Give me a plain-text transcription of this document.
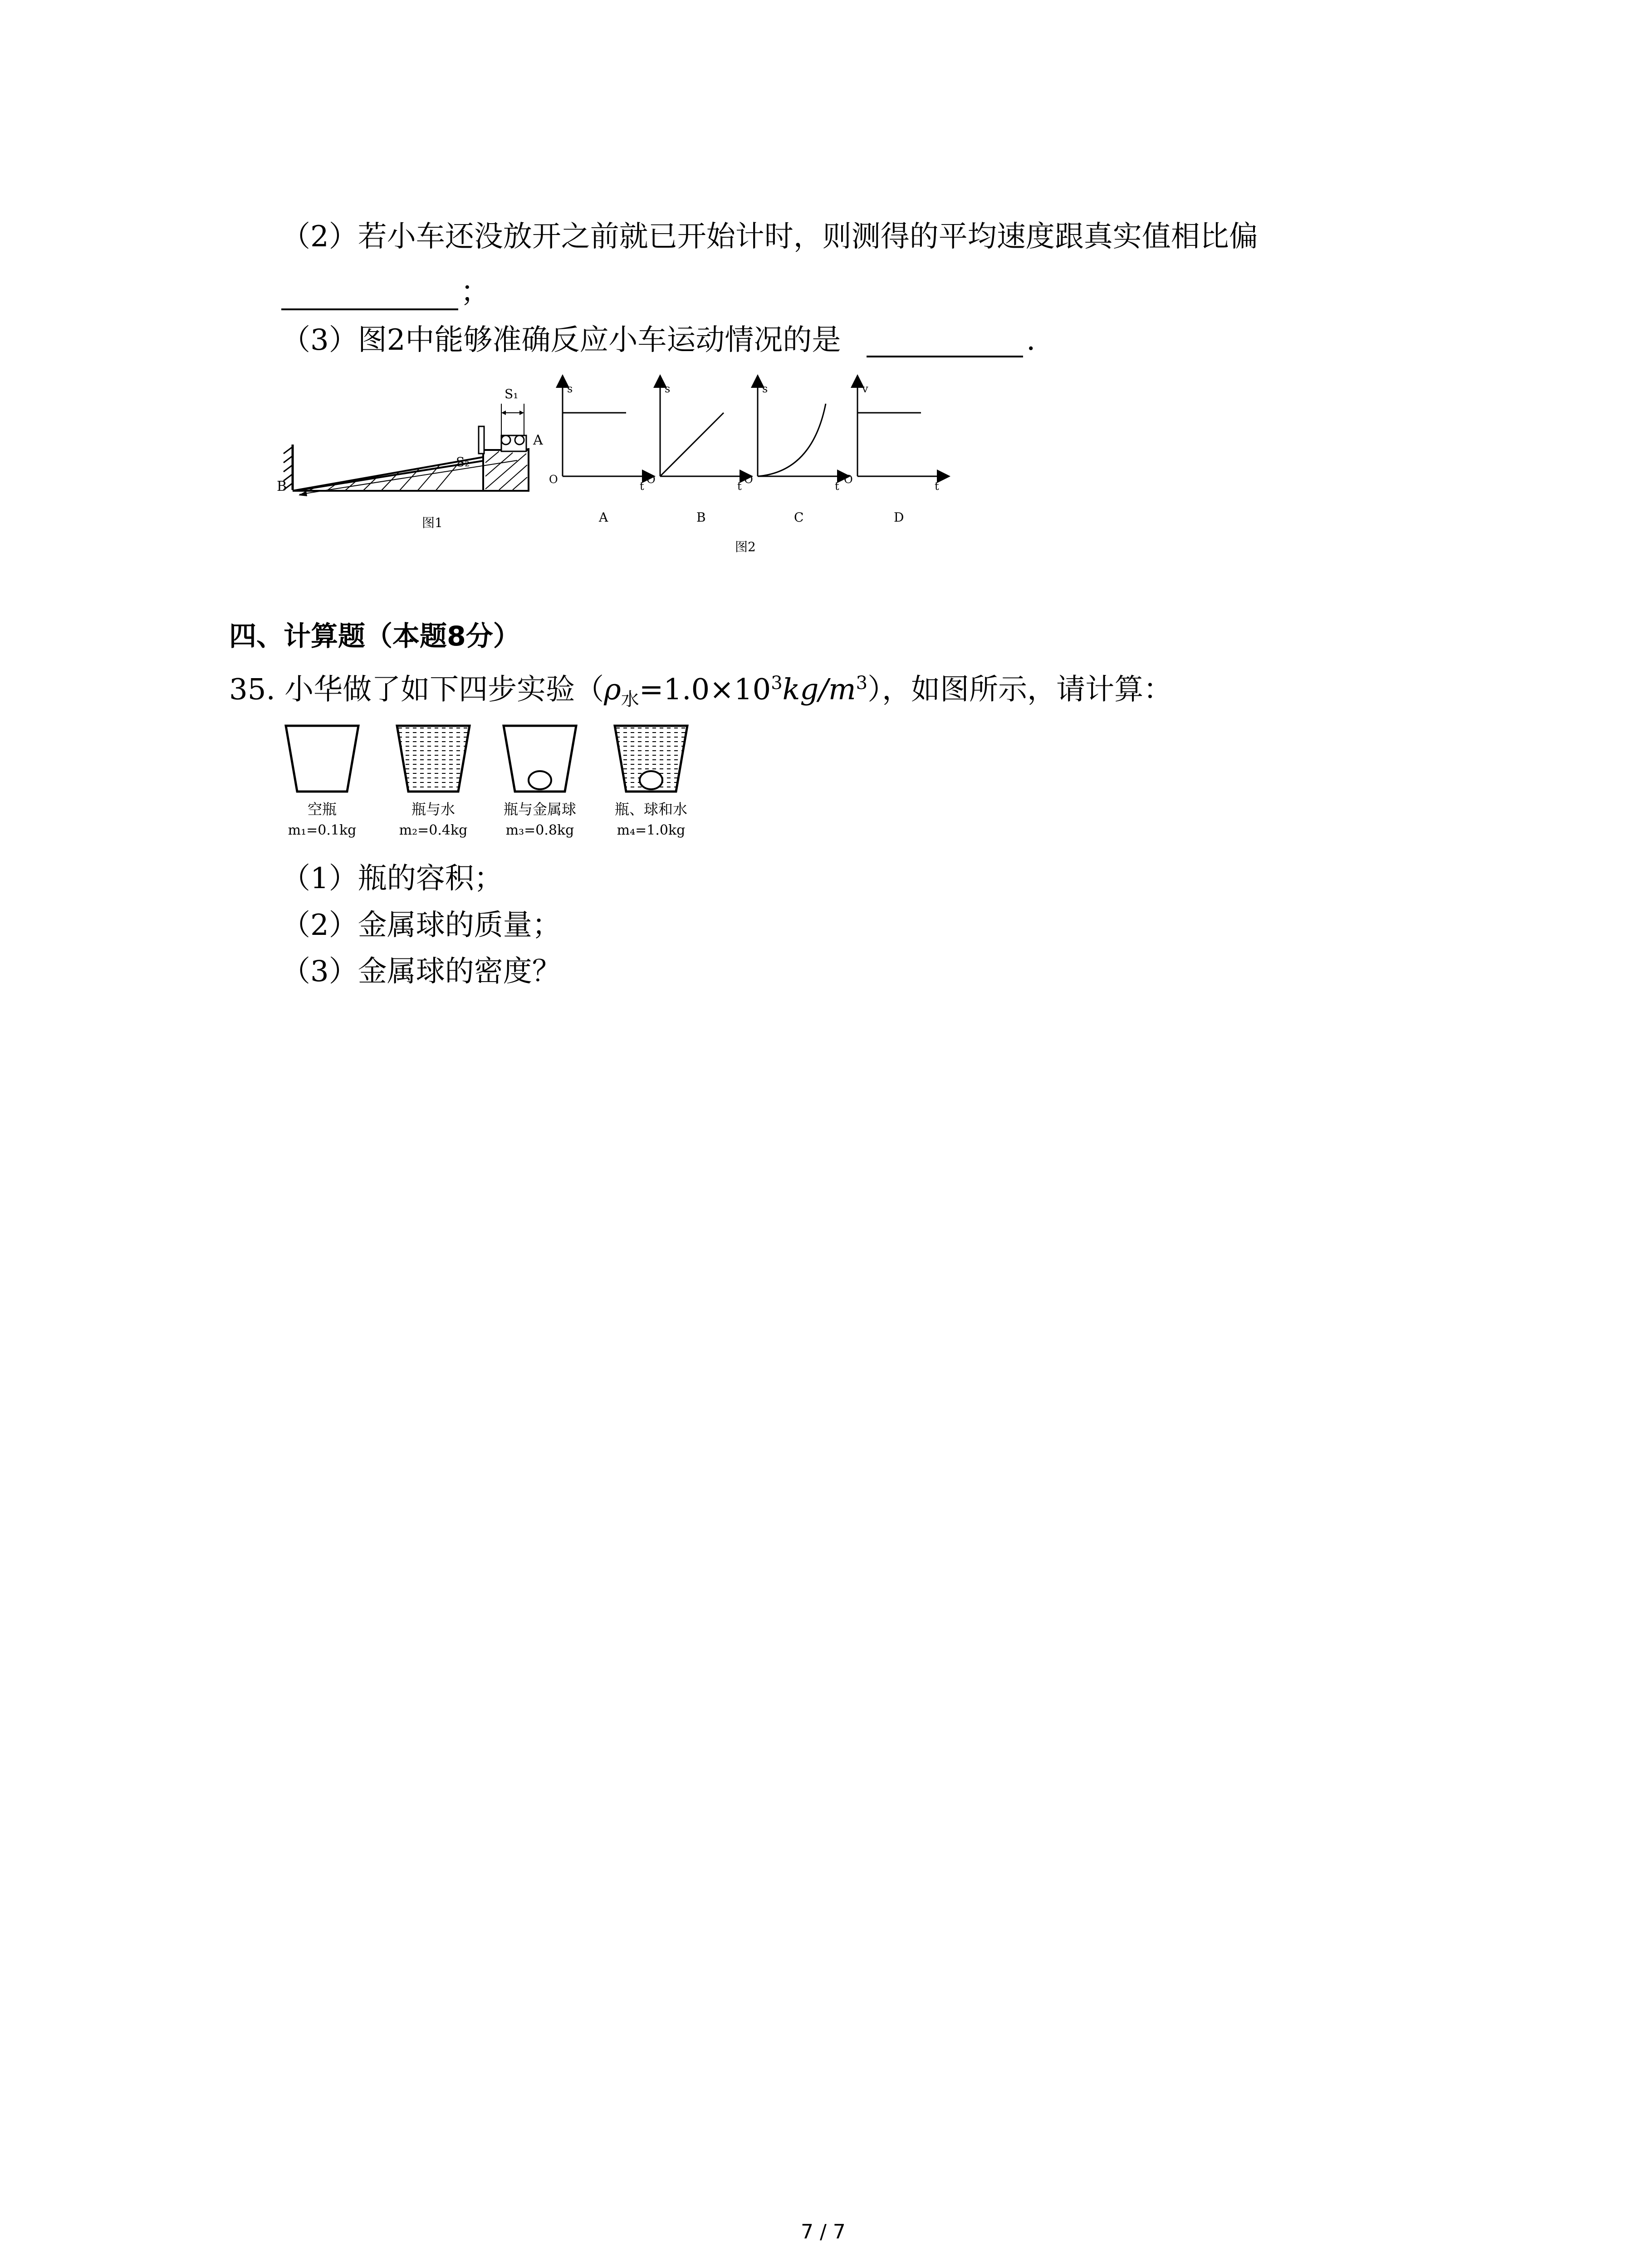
（2）若小车还没放开之前就已开始计时，则测得的平均速度跟真实值相比偏
；
（3）图2中能够准确反应小车运动情况的是	.
S₁
S₂
A
B
图1
s
t
O
A
s
t
O
B
s
t
O
C
v
t
O
D
图2
四、计算题（本题8分）
35. 小华做了如下四步实验$(\rho_水=1.0\times 10^3kg/m^3)$，如图所示，请计算：
空瓶
m₁=0.1kg
瓶与水
m₂=0.4kg
瓶与金属球
m₃=0.8kg
瓶、球和水
m₄=1.0kg
（1）瓶的容积；
（2）金属球的质量；
（3）金属球的密度？
7 / 7
